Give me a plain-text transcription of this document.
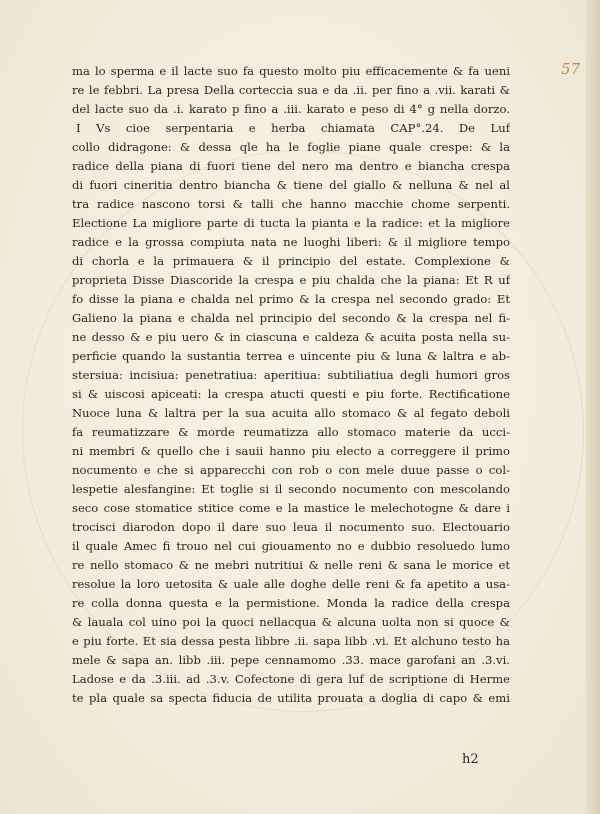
57
ma lo sperma e il lacte suo fa questo molto piu efficacemente & fa ueni
re le febbri. La presa Della corteccia sua e da .ii. per fino a .vii. karati &
del lacte suo da .i. karato p fino a .iii. karato e peso di 4° g nella dorzo.
I Vs cioe serpentaria e herba chiamata CAP°.24. De Luf
collo didragone: & dessa qle ha le foglie piane quale crespe: & la
radice della piana di fuori tiene del nero ma dentro e biancha crespa
di fuori cineritia dentro biancha & tiene del giallo & nelluna & nel al
tra radice nascono torsi & talli che hanno macchie chome serpenti.
Electione La migliore parte di tucta la pianta e la radice: et la migliore
radice e la grossa compiuta nata ne luoghi liberi: & il migliore tempo
di chorla e la primauera & il principio del estate. Complexione &
proprieta Disse Diascoride la crespa e piu chalda che la piana: Et R uf
fo disse la piana e chalda nel primo & la crespa nel secondo grado: Et
Galieno la piana e chalda nel principio del secondo & la crespa nel fi-
ne desso & e piu uero & in ciascuna e caldeza & acuita posta nella su-
perficie quando la sustantia terrea e uincente piu & luna & laltra e ab-
stersiua: incisiua: penetratiua: aperitiua: subtiliatiua degli humori gros
si & uiscosi apiceati: la crespa atucti questi e piu forte. Rectificatione
Nuoce luna & laltra per la sua acuita allo stomaco & al fegato deboli
fa reumatizzare & morde reumatizza allo stomaco materie da ucci-
ni membri & quello che i sauii hanno piu electo a correggere il primo
nocumento e che si apparecchi con rob o con mele duue passe o col-
lespetie alesfangine: Et toglie si il secondo nocumento con mescolando
seco cose stomatice stitice come e la mastice le melechotogne & dare i
trocisci diarodon dopo il dare suo leua il nocumento suo. Electouario
il quale Amec fi trouo nel cui giouamento no e dubbio resoluedo lumo
re nello stomaco & ne mebri nutritiui & nelle reni & sana le morice et
resolue la loro uetosita & uale alle doghe delle reni & fa apetito a usa-
re colla donna questa e la permistione. Monda la radice della crespa
& lauala col uino poi la quoci nellacqua & alcuna uolta non si quoce &
e piu forte. Et sia dessa pesta libbre .ii. sapa libb .vi. Et alchuno testo ha
mele & sapa an. libb .iii. pepe cennamomo .33. mace garofani an .3.vi.
Ladose e da .3.iii. ad .3.v. Cofectone di gera luf de scriptione di Herme
te pla quale sa specta fiducia de utilita prouata a doglia di capo & emi
h2
